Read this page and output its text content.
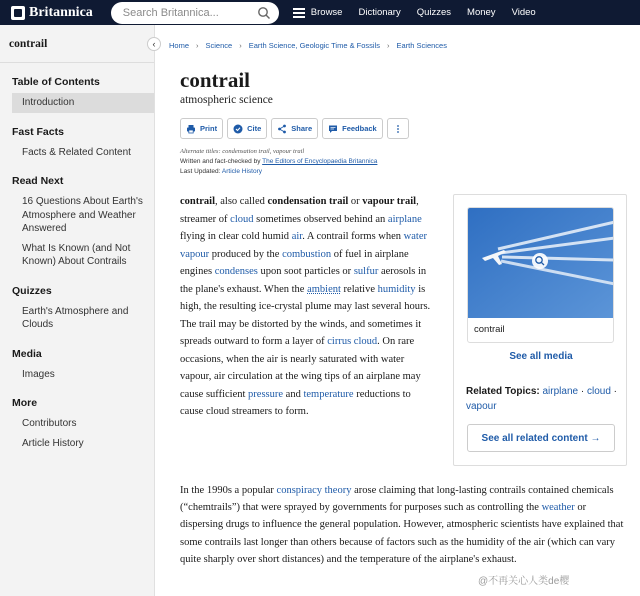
Britannica
Search Britannica...	Browse Dictionary Quizzes Money Video
contrail	‹
Table of Contents
Introduction
Fast Facts
Facts & Related Content
Read Next
16 Questions About Earth's Atmosphere and Weather Answered
What Is Known (and Not Known) About Contrails
Quizzes
Earth's Atmosphere and Clouds
Media
Images
More
Contributors
Article History
Home › Science › Earth Science, Geologic Time & Fossils › Earth Sciences
contrail
atmospheric science
Print	Cite	Share	Feedback
Alternate titles: condensation trail, vapour trail
Written and fact-checked by The Editors of Encyclopaedia Britannica
Last Updated: Article History
contrail, also called condensation trail or vapour trail, streamer of cloud sometimes observed behind an airplane flying in clear cold humid air. A contrail forms when water vapour produced by the combustion of fuel in airplane engines condenses upon soot particles or sulfur aerosols in the plane's exhaust. When the ambient relative humidity is high, the resulting ice-crystal plume may last several hours. The trail may be distorted by the winds, and sometimes it spreads outward to form a layer of cirrus cloud. On rare occasions, when the air is nearly saturated with water vapour, air circulation at the wing tips of an airplane may cause sufficient pressure and temperature reductions to cause cloud streamers to form.
In the 1990s a popular conspiracy theory arose claiming that long-lasting contrails contained chemicals (“chemtrails”) that were sprayed by governments for purposes such as controlling the weather or dispersing drugs to influence the general population. However, atmospheric scientists have explained that some contrails last longer than others because of factors such as the humidity of the air (which can vary quite sharply over short distances) and the temperature of the airplane's exhaust.
contrail
See all media
Related Topics: airplane · cloud · vapour
See all related content →
@不再关心人类de樱
